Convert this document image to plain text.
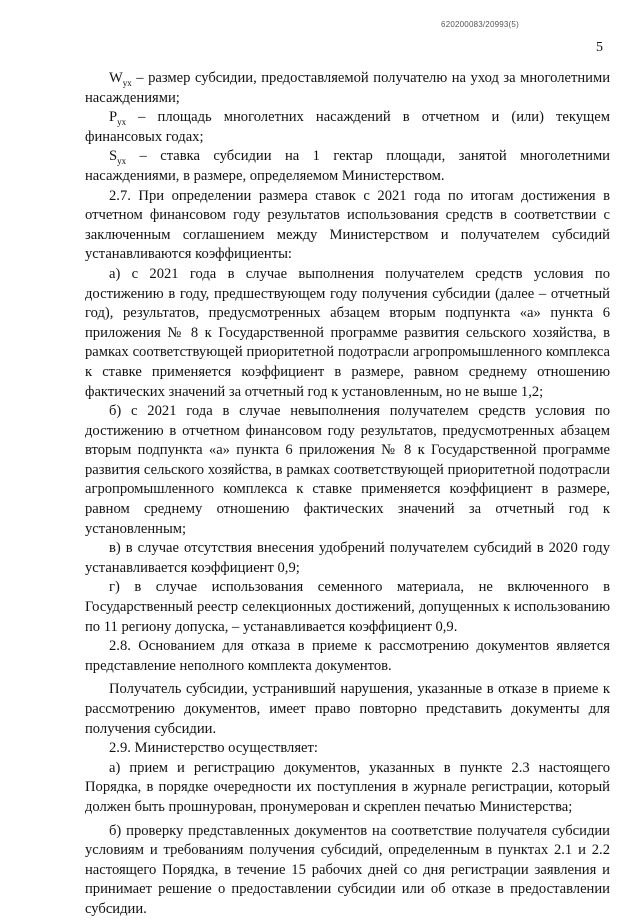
620200083/20993(5)
5

$W_{ух}$ – размер субсидии, предоставляемой получателю на уход за многолетними насаждениями;

$P_{ух}$ – площадь многолетних насаждений в отчетном и (или) текущем финансовых годах;

$S_{ух}$ – ставка субсидии на 1 гектар площади, занятой многолетними насаждениями, в размере, определяемом Министерством.

2.7. При определении размера ставок с 2021 года по итогам достижения в отчетном финансовом году результатов использования средств в соответствии с заключенным соглашением между Министерством и получателем субсидий устанавливаются коэффициенты:

а) с 2021 года в случае выполнения получателем средств условия по достижению в году, предшествующем году получения субсидии (далее – отчетный год), результатов, предусмотренных абзацем вторым подпункта «а» пункта 6 приложения № 8 к Государственной программе развития сельского хозяйства, в рамках соответствующей приоритетной подотрасли агропромышленного комплекса к ставке применяется коэффициент в размере, равном среднему отношению фактических значений за отчетный год к установленным, но не выше 1,2;

б) с 2021 года в случае невыполнения получателем средств условия по достижению в отчетном финансовом году результатов, предусмотренных абзацем вторым подпункта «а» пункта 6 приложения № 8 к Государственной программе развития сельского хозяйства, в рамках соответствующей приоритетной подотрасли агропромышленного комплекса к ставке применяется коэффициент в размере, равном среднему отношению фактических значений за отчетный год к установленным;

в) в случае отсутствия внесения удобрений получателем субсидий в 2020 году устанавливается коэффициент 0,9;

г) в случае использования семенного материала, не включенного в Государственный реестр селекционных достижений, допущенных к использованию по 11 региону допуска, – устанавливается коэффициент 0,9.

2.8. Основанием для отказа в приеме к рассмотрению документов является представление неполного комплекта документов.

Получатель субсидии, устранивший нарушения, указанные в отказе в приеме к рассмотрению документов, имеет право повторно представить документы для получения субсидии.

2.9. Министерство осуществляет:

а) прием и регистрацию документов, указанных в пункте 2.3 настоящего Порядка, в порядке очередности их поступления в журнале регистрации, который должен быть прошнурован, пронумерован и скреплен печатью Министерства;

б) проверку представленных документов на соответствие получателя субсидии условиям и требованиям получения субсидий, определенным в пунктах 2.1 и 2.2 настоящего Порядка, в течение 15 рабочих дней со дня регистрации заявления и принимает решение о предоставлении субсидии или об отказе в предоставлении субсидии.
